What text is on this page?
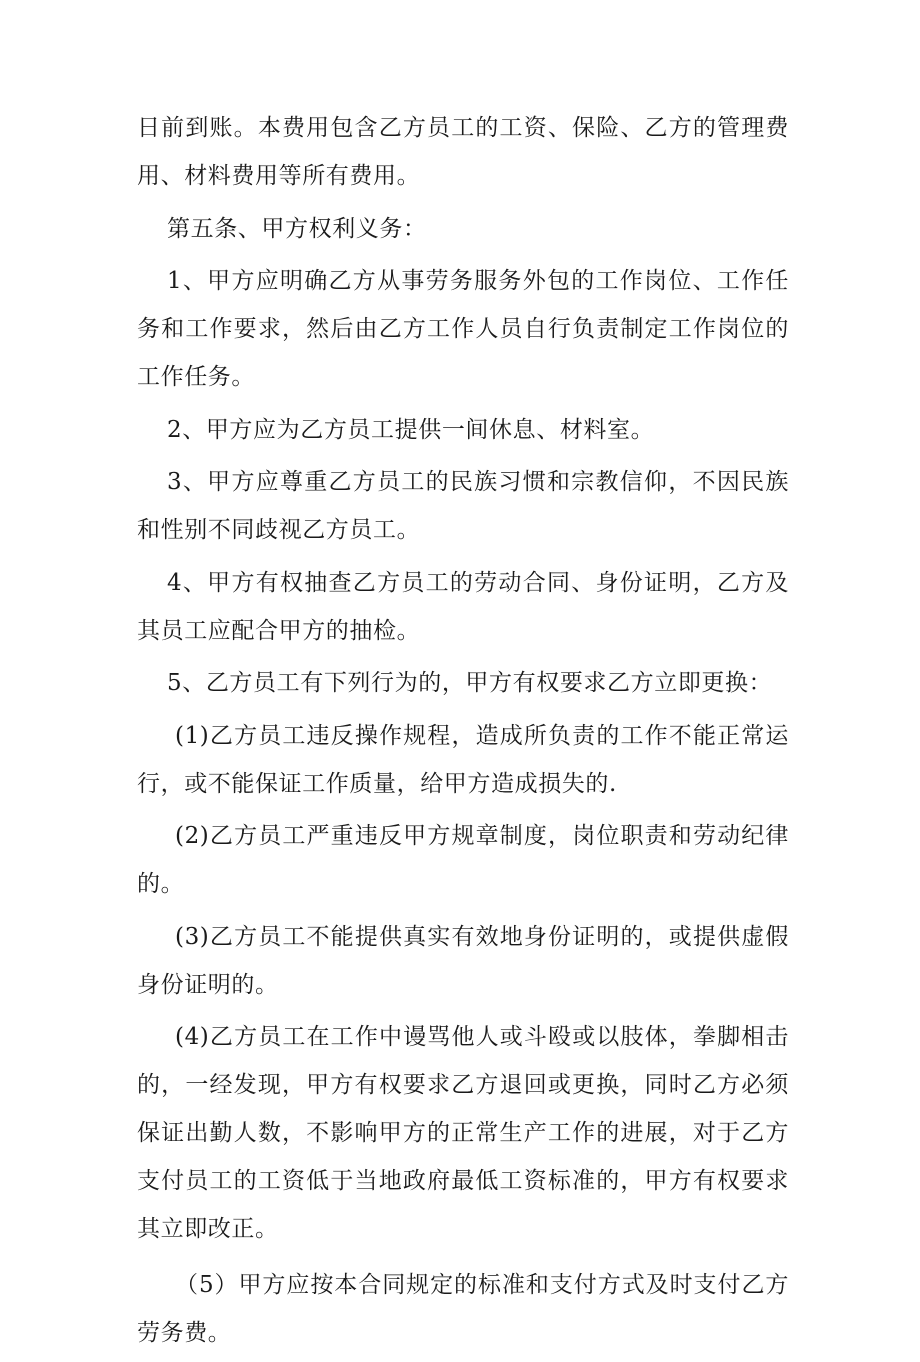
日前到账。本费用包含乙方员工的工资、保险、乙方的管理费用、材料费用等所有费用。

第五条、甲方权利义务：

1、甲方应明确乙方从事劳务服务外包的工作岗位、工作任务和工作要求，然后由乙方工作人员自行负责制定工作岗位的工作任务。

2、甲方应为乙方员工提供一间休息、材料室。

3、甲方应尊重乙方员工的民族习惯和宗教信仰，不因民族和性别不同歧视乙方员工。

4、甲方有权抽查乙方员工的劳动合同、身份证明，乙方及其员工应配合甲方的抽检。

5、乙方员工有下列行为的，甲方有权要求乙方立即更换：

(1)乙方员工违反操作规程，造成所负责的工作不能正常运行，或不能保证工作质量，给甲方造成损失的.

(2)乙方员工严重违反甲方规章制度，岗位职责和劳动纪律的。

(3)乙方员工不能提供真实有效地身份证明的，或提供虚假身份证明的。

(4)乙方员工在工作中谩骂他人或斗殴或以肢体，拳脚相击的，一经发现，甲方有权要求乙方退回或更换，同时乙方必须保证出勤人数，不影响甲方的正常生产工作的进展，对于乙方支付员工的工资低于当地政府最低工资标准的，甲方有权要求其立即改正。

（5）甲方应按本合同规定的标准和支付方式及时支付乙方劳务费。
